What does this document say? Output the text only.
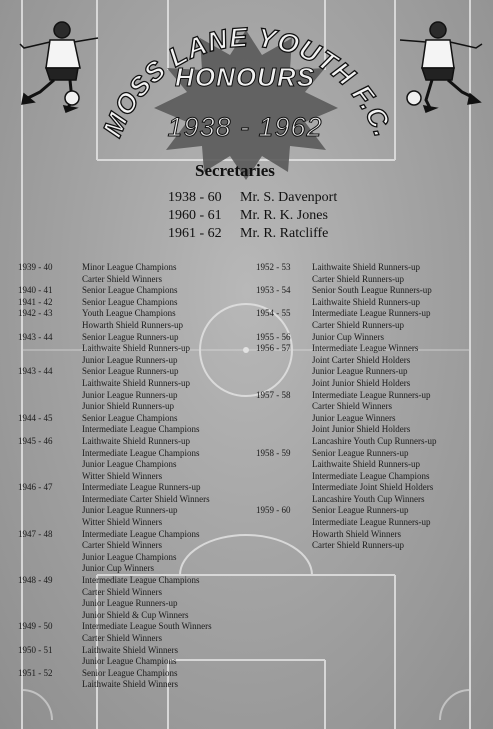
MOSS LANE YOUTH F.C.
HONOURS
1938 - 1962
Secretaries
1938 - 60 Mr. S. Davenport
1960 - 61 Mr. R. K. Jones
1961 - 62 Mr. R. Ratcliffe
1939 - 40	Minor League Champions
Carter Shield Winners
1940 - 41	Senior League Champions
1941 - 42	Senior League Champions
1942 - 43	Youth League Champions
Howarth Shield Runners-up
1943 - 44	Senior League Runners-up
Laithwaite Shield Runners-up
Junior League Runners-up
1943 - 44	Senior League Runners-up
Laithwaite Shield Runners-up
Junior League Runners-up
Junior Shield Runners-up
1944 - 45	Senior League Champions
Intermediate League Champions
1945 - 46	Laithwaite Shield Runners-up
Intermediate League Champions
Junior League Champions
Witter Shield Winners
1946 - 47	Intermediate League Runners-up
Intermediate Carter Shield Winners
Junior League Runners-up
Witter Shield Winners
1947 - 48	Intermediate League Champions
Carter Shield Winners
Junior League Champions
Junior Cup Winners
1948 - 49	Intermediate League Champions
Carter Shield Winners
Junior League Runners-up
Junior Shield & Cup Winners
1949 - 50	Intermediate League South Winners
Carter Shield Winners
1950 - 51	Laithwaite Shield Winners
Junior League Champions
1951 - 52	Senior League Champions
Laithwaite Shield Winners
1952 - 53 Laithwaite Shield Runners-up
Carter Shield Runners-up
1953 - 54 Senior South League Runners-up
Laithwaite Shield Runners-up
1954 - 55 Intermediate League Runners-up
Carter Shield Runners-up
1955 - 56 Junior Cup Winners
1956 - 57 Intermediate League Winners
Joint Carter Shield Holders
Junior League Runners-up
Joint Junior Shield Holders
1957 - 58 Intermediate League Runners-up
Carter Shield Winners
Junior League Winners
Joint Junior Shield Holders
Lancashire Youth Cup Runners-up
1958 - 59 Senior League Runners-up
Laithwaite Shield Runners-up
Intermediate League Champions
Intermediate Joint Shield Holders
Lancashire Youth Cup Winners
1959 - 60 Senior League Runners-up
Intermediate League Runners-up
Howarth Shield Winners
Carter Shield Runners-up
